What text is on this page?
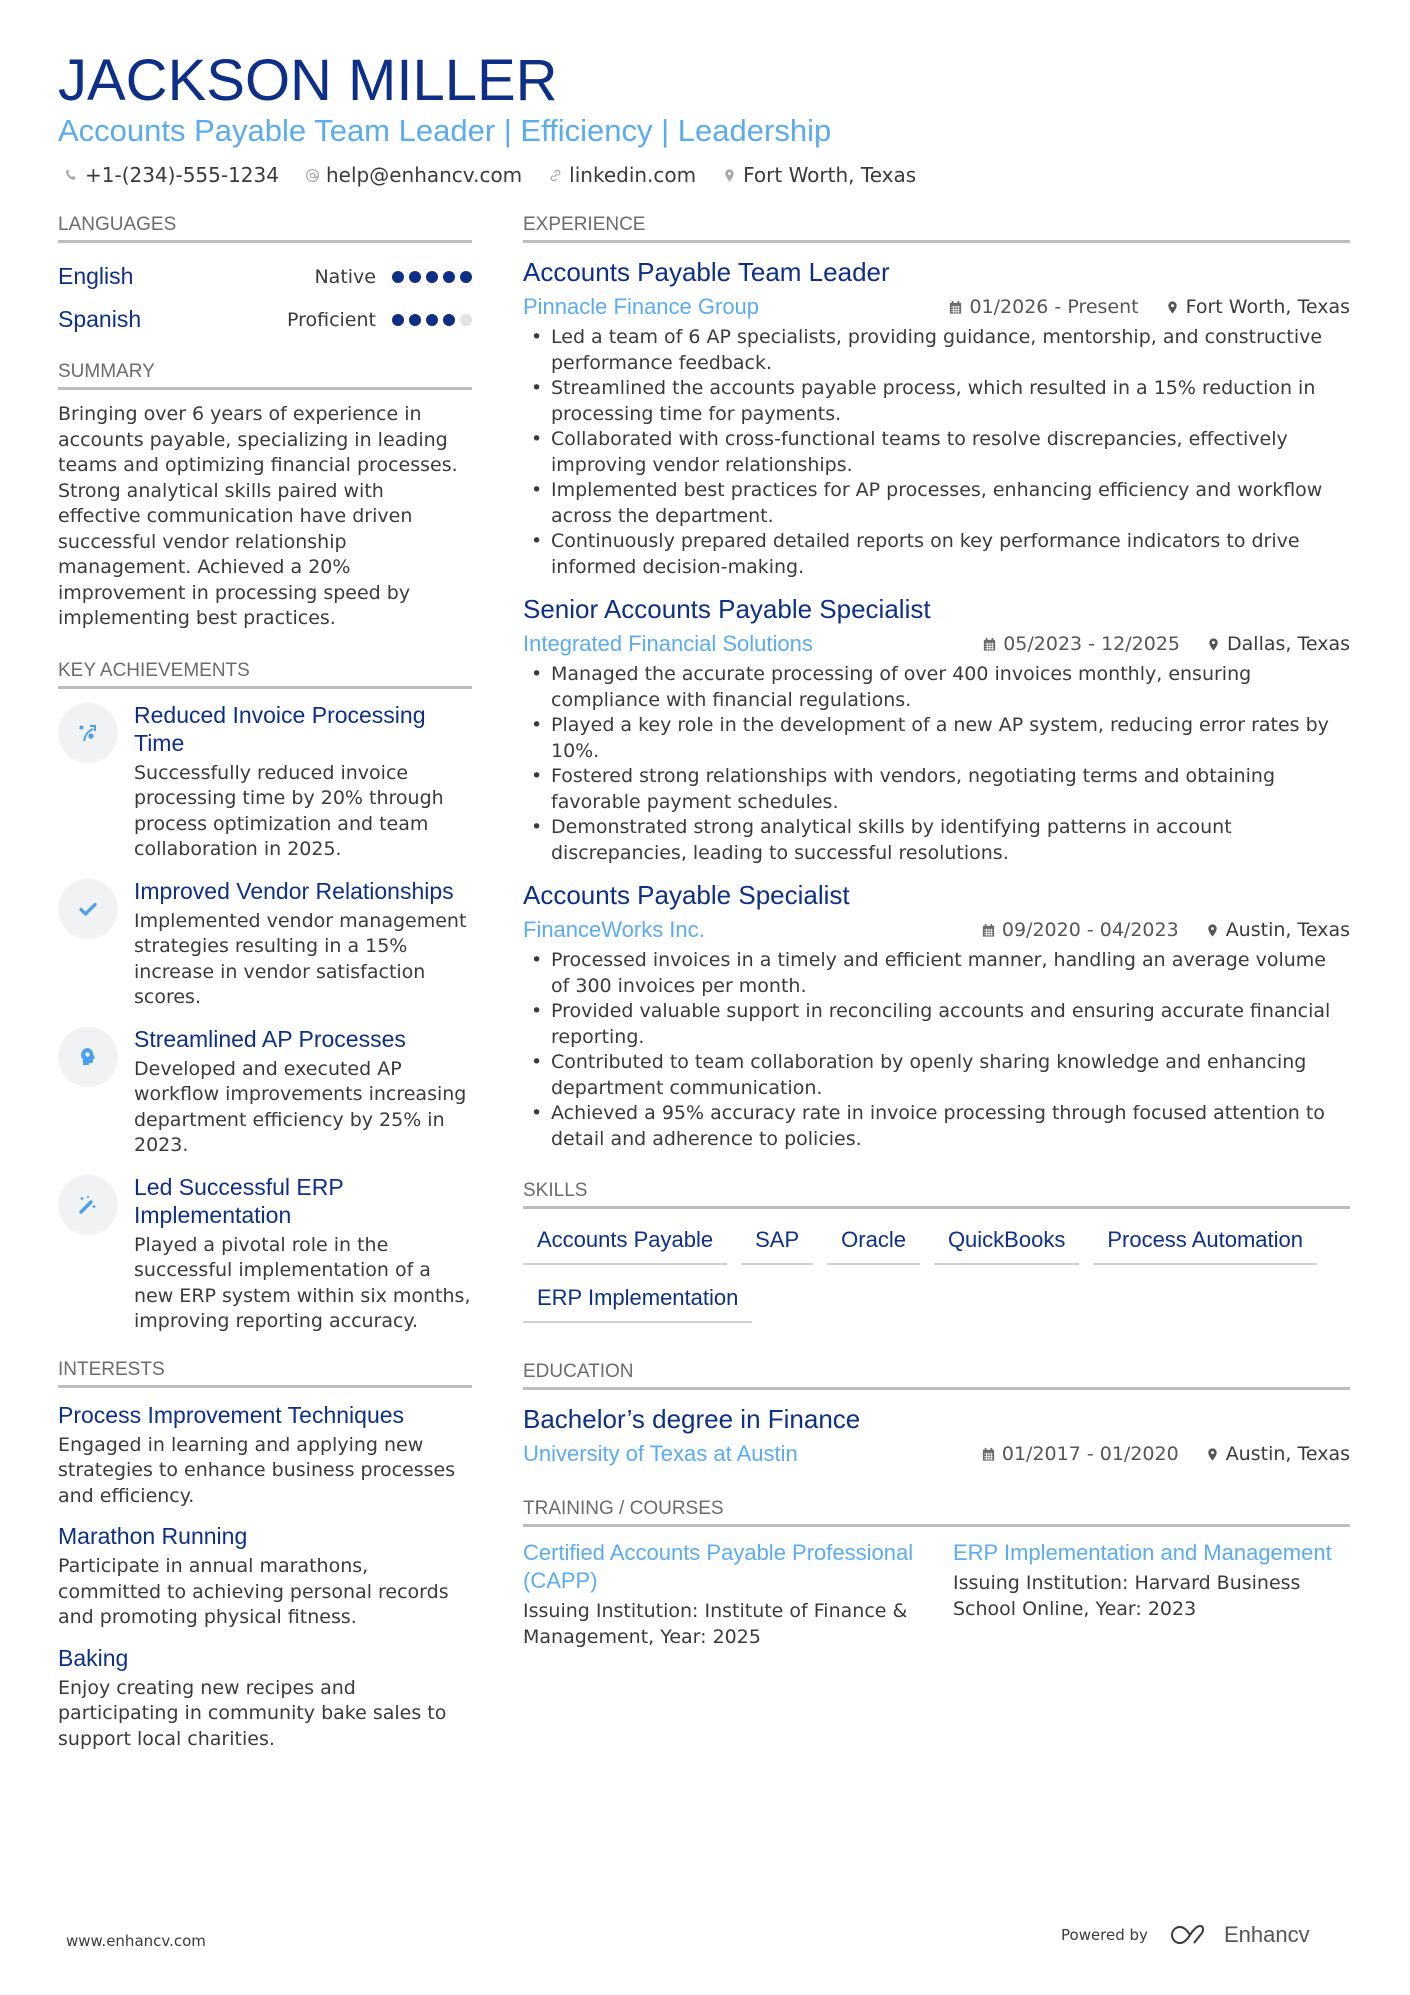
JACKSON MILLER
Accounts Payable Team Leader | Efficiency | Leadership
+1-(234)-555-1234 help@enhancv.com linkedin.com Fort Worth, Texas
LANGUAGES
English	Native
Spanish	Proficient
SUMMARY
Bringing over 6 years of experience in accounts payable, specializing in leading teams and optimizing financial processes. Strong analytical skills paired with effective communication have driven successful vendor relationship management. Achieved a 20% improvement in processing speed by implementing best practices.
KEY ACHIEVEMENTS
Reduced Invoice Processing Time
Successfully reduced invoice processing time by 20% through process optimization and team collaboration in 2025.
Improved Vendor Relationships
Implemented vendor management strategies resulting in a 15% increase in vendor satisfaction scores.
Streamlined AP Processes
Developed and executed AP workflow improvements increasing department efficiency by 25% in 2023.
Led Successful ERP Implementation
Played a pivotal role in the successful implementation of a new ERP system within six months, improving reporting accuracy.
INTERESTS
Process Improvement Techniques
Engaged in learning and applying new strategies to enhance business processes and efficiency.
Marathon Running
Participate in annual marathons, committed to achieving personal records and promoting physical fitness.
Baking
Enjoy creating new recipes and participating in community bake sales to support local charities.
EXPERIENCE
Accounts Payable Team Leader
Pinnacle Finance Group	01/2026 - Present Fort Worth, Texas
• Led a team of 6 AP specialists, providing guidance, mentorship, and constructive performance feedback.
• Streamlined the accounts payable process, which resulted in a 15% reduction in processing time for payments.
• Collaborated with cross-functional teams to resolve discrepancies, effectively improving vendor relationships.
• Implemented best practices for AP processes, enhancing efficiency and workflow across the department.
• Continuously prepared detailed reports on key performance indicators to drive informed decision-making.
Senior Accounts Payable Specialist
Integrated Financial Solutions	05/2023 - 12/2025 Dallas, Texas
• Managed the accurate processing of over 400 invoices monthly, ensuring compliance with financial regulations.
• Played a key role in the development of a new AP system, reducing error rates by 10%.
• Fostered strong relationships with vendors, negotiating terms and obtaining favorable payment schedules.
• Demonstrated strong analytical skills by identifying patterns in account discrepancies, leading to successful resolutions.
Accounts Payable Specialist
FinanceWorks Inc.	09/2020 - 04/2023 Austin, Texas
• Processed invoices in a timely and efficient manner, handling an average volume of 300 invoices per month.
• Provided valuable support in reconciling accounts and ensuring accurate financial reporting.
• Contributed to team collaboration by openly sharing knowledge and enhancing department communication.
• Achieved a 95% accuracy rate in invoice processing through focused attention to detail and adherence to policies.
SKILLS
Accounts Payable	SAP	Oracle	QuickBooks	Process Automation
ERP Implementation
EDUCATION
Bachelor’s degree in Finance
University of Texas at Austin	01/2017 - 01/2020 Austin, Texas
TRAINING / COURSES
Certified Accounts Payable Professional (CAPP)
Issuing Institution: Institute of Finance & Management, Year: 2025
ERP Implementation and Management
Issuing Institution: Harvard Business School Online, Year: 2023
www.enhancv.com	Powered by	Enhancv
